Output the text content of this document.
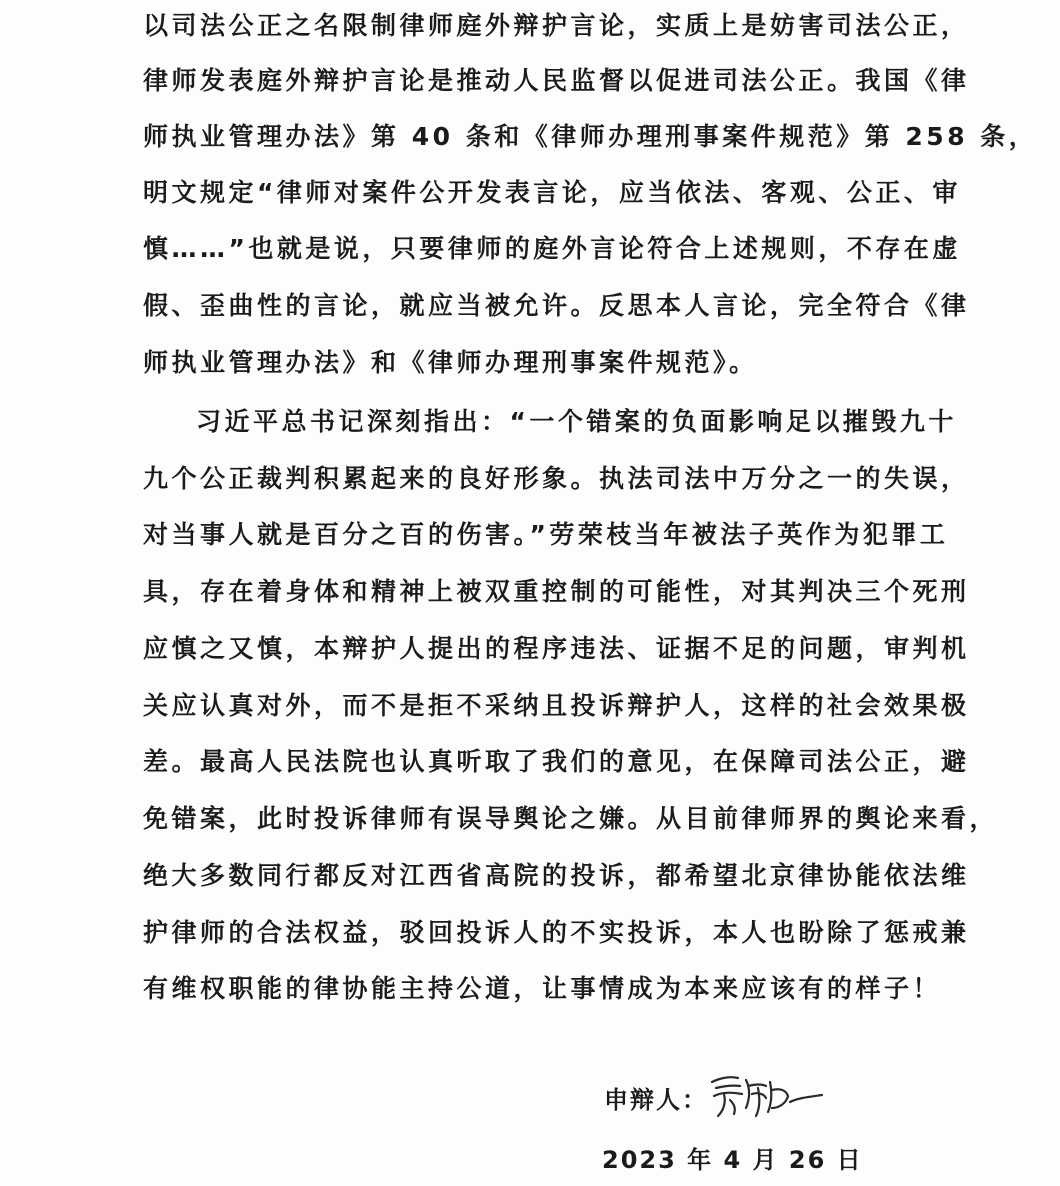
以司法公正之名限制律师庭外辩护言论，实质上是妨害司法公正，
律师发表庭外辩护言论是推动人民监督以促进司法公正。我国《律
师执业管理办法》第 40 条和《律师办理刑事案件规范》第 258 条，
明文规定“律师对案件公开发表言论，应当依法、客观、公正、审
慎……”也就是说，只要律师的庭外言论符合上述规则，不存在虚
假、歪曲性的言论，就应当被允许。反思本人言论，完全符合《律
师执业管理办法》和《律师办理刑事案件规范》。
习近平总书记深刻指出：“一个错案的负面影响足以摧毁九十
九个公正裁判积累起来的良好形象。执法司法中万分之一的失误，
对当事人就是百分之百的伤害。”劳荣枝当年被法子英作为犯罪工
具，存在着身体和精神上被双重控制的可能性，对其判决三个死刑
应慎之又慎，本辩护人提出的程序违法、证据不足的问题，审判机
关应认真对外，而不是拒不采纳且投诉辩护人，这样的社会效果极
差。最高人民法院也认真听取了我们的意见，在保障司法公正，避
免错案，此时投诉律师有误导舆论之嫌。从目前律师界的舆论来看，
绝大多数同行都反对江西省高院的投诉，都希望北京律协能依法维
护律师的合法权益，驳回投诉人的不实投诉，本人也盼除了惩戒兼
有维权职能的律协能主持公道，让事情成为本来应该有的样子！
申辩人：
2023 年 4 月 26 日
